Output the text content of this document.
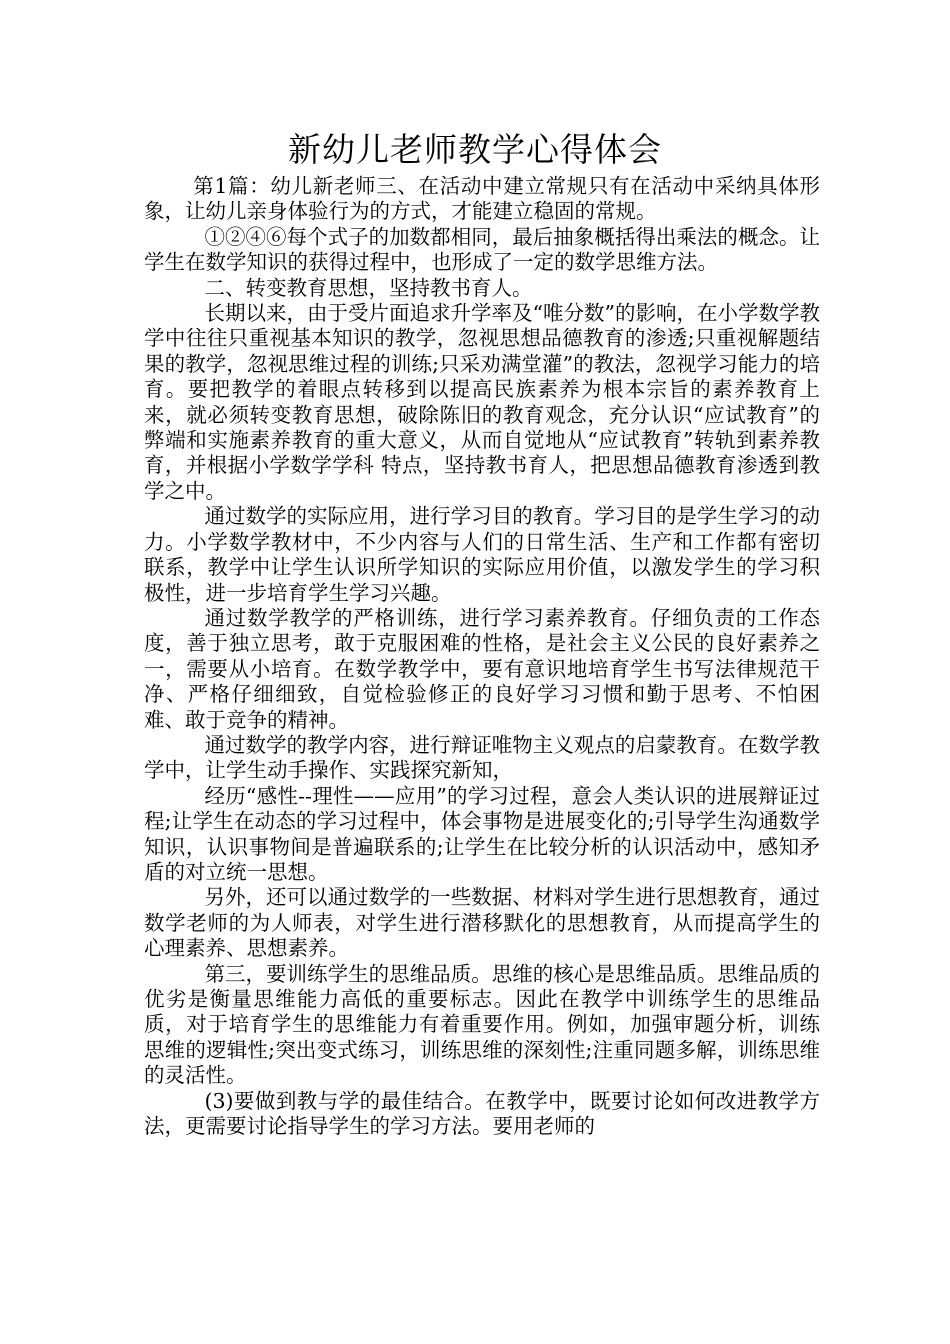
新幼儿老师教学心得体会

第1篇：幼儿新老师三、在活动中建立常规只有在活动中采纳具体形象，让幼儿亲身体验行为的方式，才能建立稳固的常规。

①②④⑥每个式子的加数都相同，最后抽象概括得出乘法的概念。让学生在数学知识的获得过程中，也形成了一定的数学思维方法。

二、转变教育思想，坚持教书育人。

长期以来，由于受片面追求升学率及“唯分数”的影响，在小学数学教学中往往只重视基本知识的教学，忽视思想品德教育的渗透;只重视解题结果的教学，忽视思维过程的训练;只采劝满堂灌”的教法，忽视学习能力的培育。要把教学的着眼点转移到以提高民族素养为根本宗旨的素养教育上来，就必须转变教育思想，破除陈旧的教育观念，充分认识“应试教育”的弊端和实施素养教育的重大意义，从而自觉地从“应试教育”转轨到素养教育，并根据小学数学学科 特点，坚持教书育人，把思想品德教育渗透到教学之中。

通过数学的实际应用，进行学习目的教育。学习目的是学生学习的动力。小学数学教材中，不少内容与人们的日常生活、生产和工作都有密切联系，教学中让学生认识所学知识的实际应用价值，以激发学生的学习积极性，进一步培育学生学习兴趣。

通过数学教学的严格训练，进行学习素养教育。仔细负责的工作态度，善于独立思考，敢于克服困难的性格，是社会主义公民的良好素养之一，需要从小培育。在数学教学中，要有意识地培育学生书写法律规范干净、严格仔细细致，自觉检验修正的良好学习习惯和勤于思考、不怕困难、敢于竞争的精神。

通过数学的教学内容，进行辩证唯物主义观点的启蒙教育。在数学教学中，让学生动手操作、实践探究新知，

经历“感性--理性——应用”的学习过程，意会人类认识的进展辩证过程;让学生在动态的学习过程中，体会事物是进展变化的;引导学生沟通数学知识，认识事物间是普遍联系的;让学生在比较分析的认识活动中，感知矛盾的对立统一思想。

另外，还可以通过数学的一些数据、材料对学生进行思想教育，通过数学老师的为人师表，对学生进行潜移默化的思想教育，从而提高学生的心理素养、思想素养。

第三，要训练学生的思维品质。思维的核心是思维品质。思维品质的优劣是衡量思维能力高低的重要标志。因此在教学中训练学生的思维品质，对于培育学生的思维能力有着重要作用。例如，加强审题分析，训练思维的逻辑性;突出变式练习，训练思维的深刻性;注重同题多解，训练思维的灵活性。

(3)要做到教与学的最佳结合。在教学中，既要讨论如何改进教学方法，更需要讨论指导学生的学习方法。要用老师的
